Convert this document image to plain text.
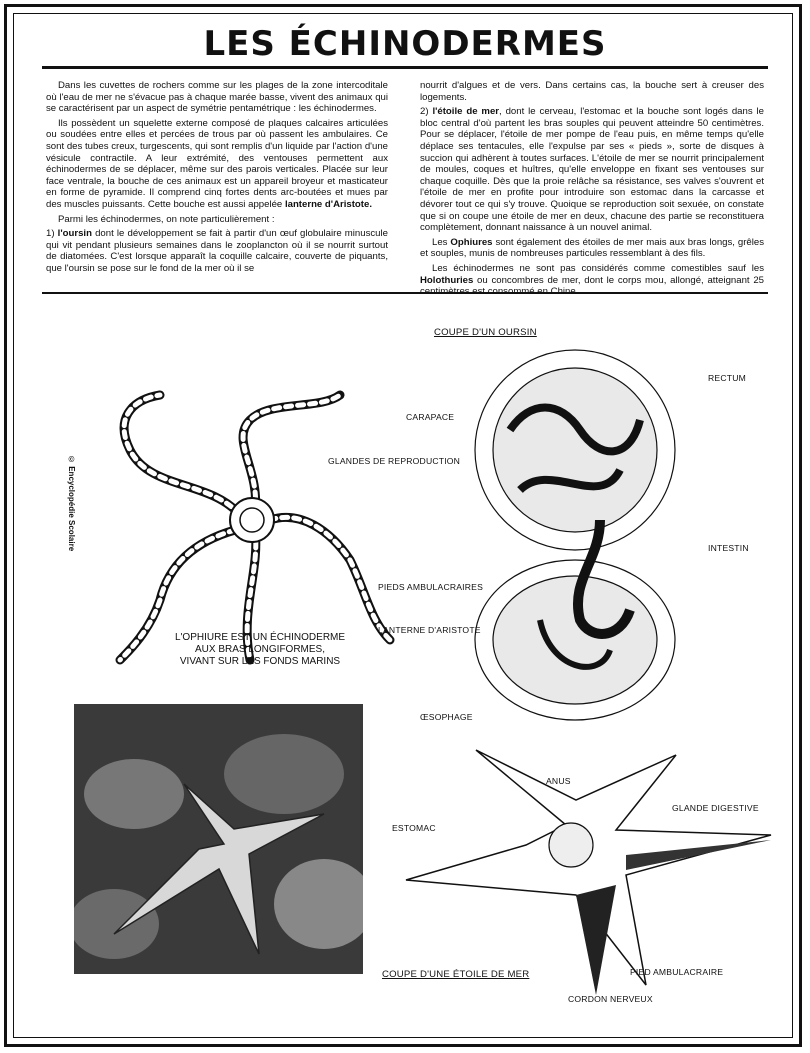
LES ÉCHINODERMES

Dans les cuvettes de rochers comme sur les plages de la zone intercoditale où l'eau de mer ne s'évacue pas à chaque marée basse, vivent des animaux qui se caractérisent par un aspect de symétrie pentamétrique : les échinodermes.

Ils possèdent un squelette externe composé de plaques calcaires articulées ou soudées entre elles et percées de trous par où passent les ambulaires. Ce sont des tubes creux, turgescents, qui sont remplis d'un liquide par l'action d'une vésicule contractile. A leur extrémité, des ventouses permettent aux échinodermes de se déplacer, même sur des parois verticales. Placée sur leur face ventrale, la bouche de ces animaux est un appareil broyeur et masticateur en forme de pyramide. Il comprend cinq fortes dents arc-boutées et mues par des muscles puissants. Cette bouche est aussi appelée lanterne d'Aristote.

Parmi les échinodermes, on note particulièrement :

1) l'oursin dont le développement se fait à partir d'un œuf globulaire minuscule qui vit pendant plusieurs semaines dans le zooplancton où il se nourrit surtout de diatomées. C'est lorsque apparaît la coquille calcaire, couverte de piquants, que l'oursin se pose sur le fond de la mer où il se

nourrit d'algues et de vers. Dans certains cas, la bouche sert à creuser des logements.

2) l'étoile de mer, dont le cerveau, l'estomac et la bouche sont logés dans le bloc central d'où partent les bras souples qui peuvent atteindre 50 centimètres. Pour se déplacer, l'étoile de mer pompe de l'eau puis, en même temps qu'elle déplace ses tentacules, elle l'expulse par ses « pieds », sorte de disques à succion qui adhèrent à toutes surfaces. L'étoile de mer se nourrit principalement de moules, coques et huîtres, qu'elle enveloppe en fixant ses ventouses sur chaque coquille. Dès que la proie relâche sa résistance, ses valves s'ouvrent et l'étoile de mer en profite pour introduire son estomac dans la carcasse et dévorer tout ce qui s'y trouve. Quoique se reproduction soit sexuée, on constate que si on coupe une étoile de mer en deux, chacune des partie se reconstituera complètement, donnant naissance à un nouvel animal.

Les Ophiures sont également des étoiles de mer mais aux bras longs, grêles et souples, munis de nombreuses particules ressemblant à des fils.

Les échinodermes ne sont pas considérés comme comestibles sauf les Holothuries ou concombres de mer, dont le corps mou, allongé, atteignant 25

© Encyclopédie Scolaire
L'OPHIURE EST UN ÉCHINODERME
AUX BRAS LONGIFORMES,
VIVANT SUR LES FONDS MARINS
COUPE D'UN OURSIN
RECTUM
CARAPACE
GLANDES DE REPRODUCTION
INTESTIN
PIEDS AMBULACRAIRES
LANTERNE D'ARISTOTE
ŒSOPHAGE
ANUS
GLANDE DIGESTIVE
ESTOMAC
COUPE D'UNE ÉTOILE DE MER	PIED AMBULACRAIRE
CORDON NERVEUX
